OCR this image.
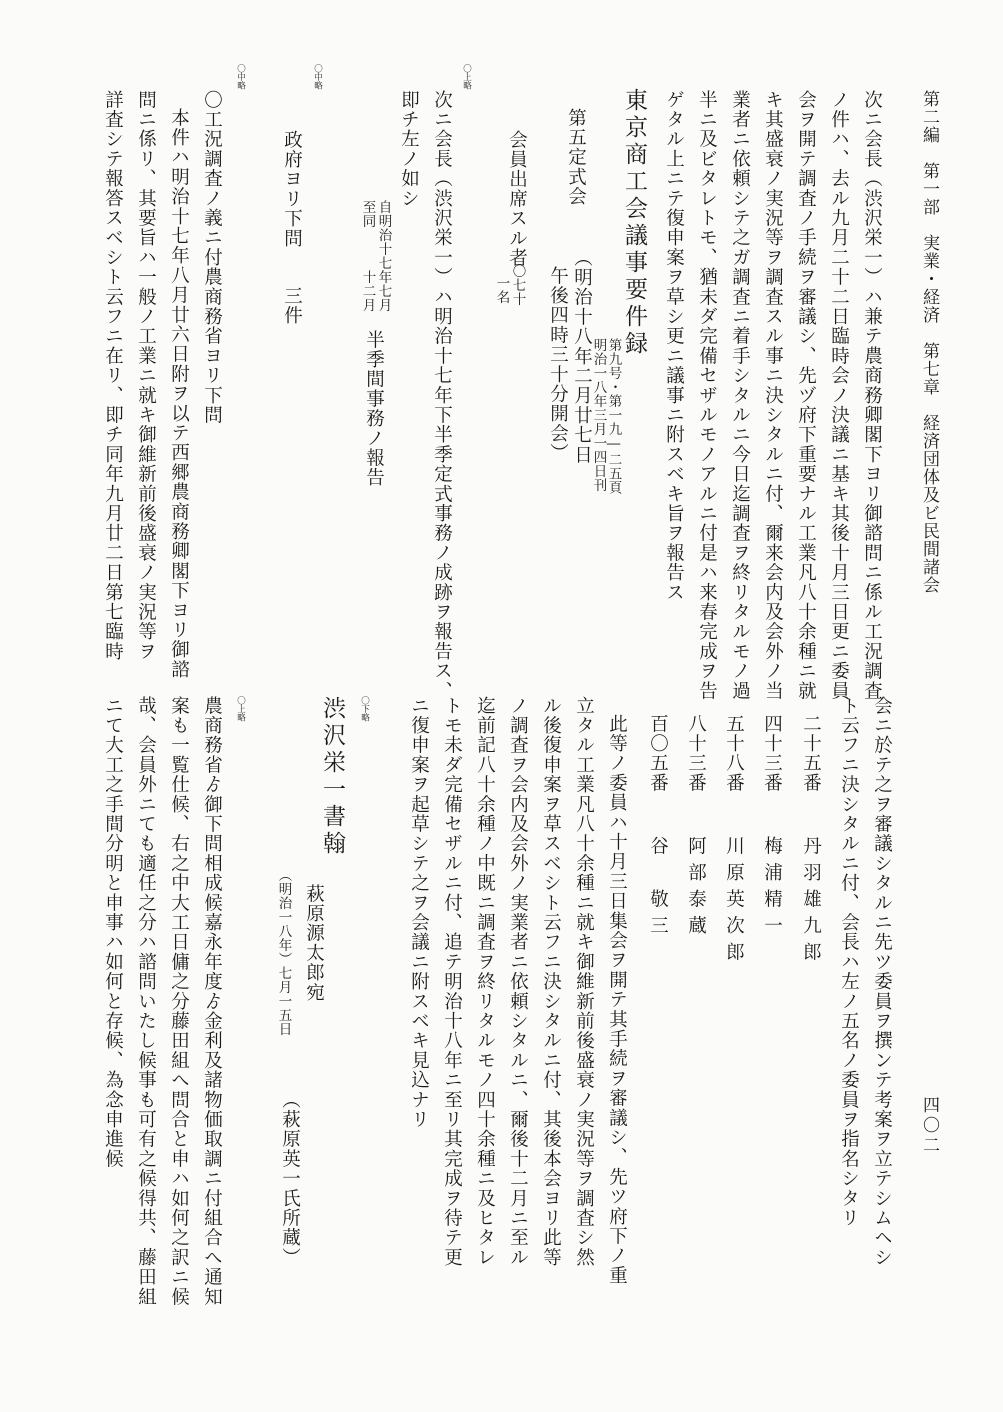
第二編　第一部　実業・経済　第七章　経済団体及ビ民間諸会
四〇二
次ニ会長（渋沢栄一）ハ兼テ農商務卿閣下ヨリ御諮問ニ係ル工況調査
ノ件ハ、去ル九月二十二日臨時会ノ決議ニ基キ其後十月三日更ニ委員
会ヲ開テ調査ノ手続ヲ審議シ、先ヅ府下重要ナル工業凡八十余種ニ就
キ其盛衰ノ実況等ヲ調査スル事ニ決シタルニ付、爾来会内及会外ノ当
業者ニ依頼シテ之ガ調査ニ着手シタルニ今日迄調査ヲ終リタルモノ過
半ニ及ビタレトモ、猶未ダ完備セザルモノアルニ付是ハ来春完成ヲ告
ゲタル上ニテ復申案ヲ草シ更ニ議事ニ附スベキ旨ヲ報告ス
東京商工会議事要件録
第九号・第一九―二五頁
明治一八年三月一四日刊
第五定式会
（明治十八年二月廿七日
午後四時三十分開会）
会員出席スル者
〇七十
一名
〇上略
次ニ会長（渋沢栄一）ハ明治十七年下半季定式事務ノ成跡ヲ報告ス、
即チ左ノ如シ
自明治十七年七月
至同　　　十二月
半季間事務ノ報告
〇中略
政府ヨリ下問
三件
〇中略
〇工況調査ノ義ニ付農商務省ヨリ下問
本件ハ明治十七年八月廿六日附ヲ以テ西郷農商務卿閣下ヨリ御諮
問ニ係リ、其要旨ハ一般ノ工業ニ就キ御維新前後盛衰ノ実況等ヲ
詳査シテ報答スベシト云フニ在リ、即チ同年九月廿二日第七臨時
会ニ於テ之ヲ審議シタルニ先ツ委員ヲ撰ンテ考案ヲ立テシムヘシ
ト云フニ決シタルニ付、会長ハ左ノ五名ノ委員ヲ指名シタリ
二十五番
丹羽雄九郎
四十三番
梅浦精一
五十八番
川原英次郎
八十三番
阿部泰蔵
百〇五番
谷　敬三
此等ノ委員ハ十月三日集会ヲ開テ其手続ヲ審議シ、先ツ府下ノ重
立タル工業凡八十余種ニ就キ御維新前後盛衰ノ実況等ヲ調査シ然
ル後復申案ヲ草スベシト云フニ決シタルニ付、其後本会ヨリ此等
ノ調査ヲ会内及会外ノ実業者ニ依頼シタルニ、爾後十二月ニ至ル
迄前記八十余種ノ中既ニ調査ヲ終リタルモノ四十余種ニ及ヒタレ
トモ未ダ完備セザルニ付、追テ明治十八年ニ至リ其完成ヲ待テ更
ニ復申案ヲ起草シテ之ヲ会議ニ附スベキ見込ナリ
〇下略
渋沢栄一書翰
萩原源太郎宛
（明治一八年）七月一五日
（萩原英一氏所蔵）
〇上略
農商務省ゟ御下問相成候嘉永年度ゟ金利及諸物価取調ニ付組合へ通知
案も一覧仕候、右之中大工日傭之分藤田組へ問合と申ハ如何之訳ニ候
哉、会員外ニても適任之分ハ諮問いたし候事も可有之候得共、藤田組
ニて大工之手間分明と申事ハ如何と存候、為念申進候
